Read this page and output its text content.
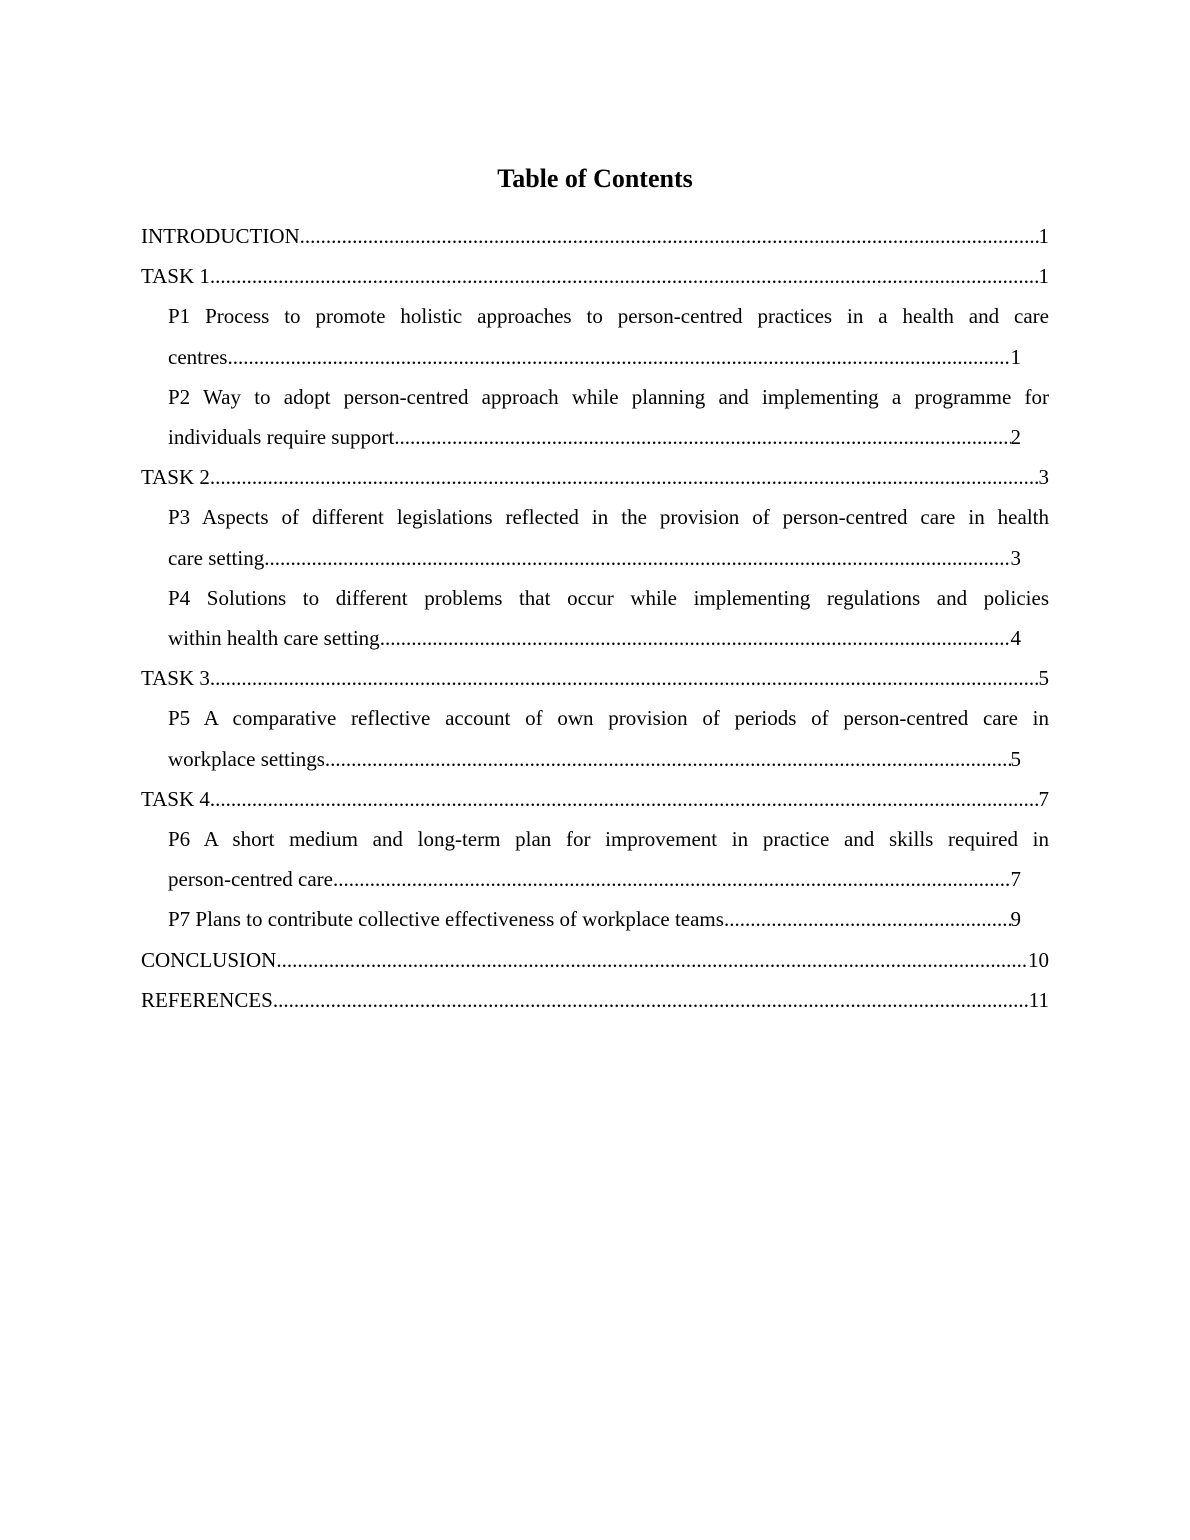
Table of Contents
INTRODUCTION .....	1
TASK 1 .....	1
P1 Process to promote holistic approaches to person-centred practices in a health and care
centres .....	1
P2 Way to adopt person-centred approach while planning and implementing a programme for
individuals require support .....	2
TASK 2 .....	3
P3 Aspects of different legislations reflected in the provision of person-centred care in health
care setting .....	3
P4 Solutions to different problems that occur while implementing regulations and policies
within health care setting .....	4
TASK 3 .....	5
P5 A comparative reflective account of own provision of periods of person-centred care in
workplace settings .....	5
TASK 4 .....	7
P6 A short medium and long-term plan for improvement in practice and skills required in
person-centred care .....	7
P7 Plans to contribute collective effectiveness of workplace teams .....	9
CONCLUSION .....	10
REFERENCES .....	11
